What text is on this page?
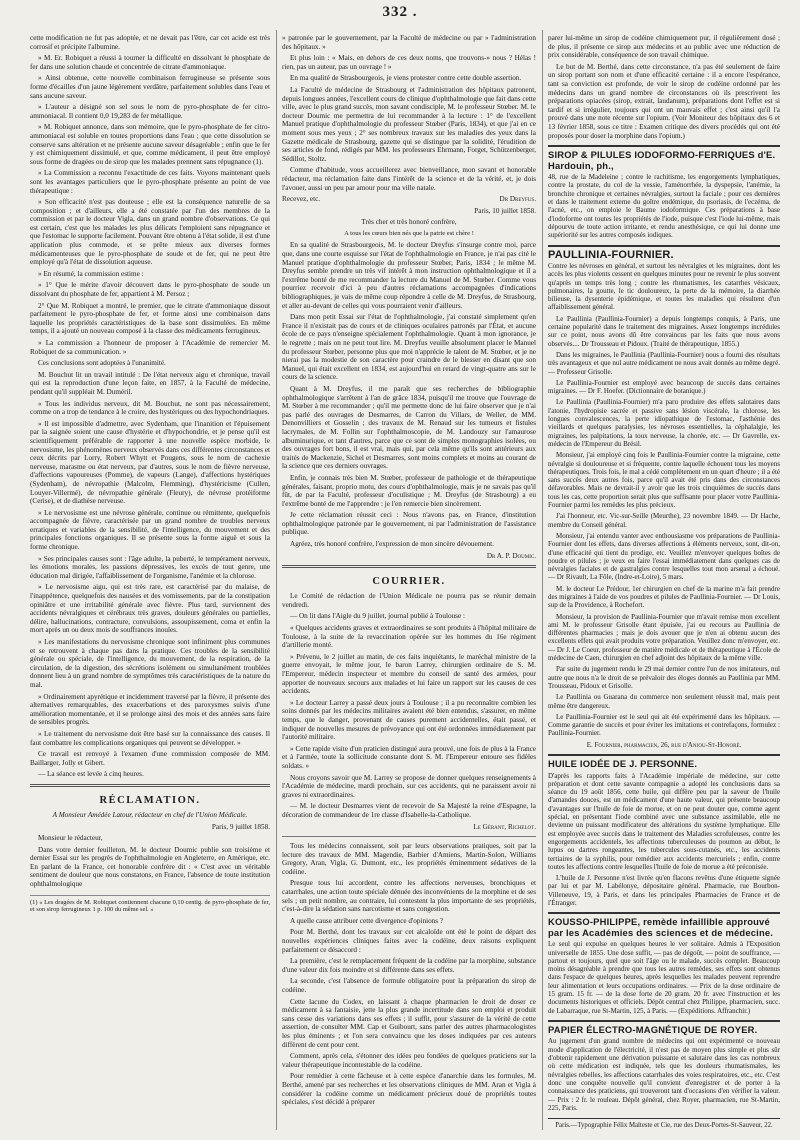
332 .

cette modification ne fut pas adoptée, et ne devait pas l'être, car cet acide est très corrosif et précipite l'albumine.

» M. Er. Robiquet a réussi à tourner la difficulté en dissolvant le phosphate de fer dans une solution chaude et concentrée de citrate d'ammoniaque.

» Ainsi obtenue, cette nouvelle combinaison ferrugineuse se présente sous forme d'écailles d'un jaune légèrement verdâtre, parfaitement solubles dans l'eau et sans aucune saveur.

» L'auteur a désigné son sel sous le nom de pyro-phosphate de fer citro-ammoniacal. Il contient 0,0 19,283 de fer métallique.

» M. Robiquet annonce, dans son mémoire, que le pyro-phosphate de fer citro-ammoniacal est soluble en toutes proportions dans l'eau ; que cette dissolution se conserve sans altération et ne présente aucune saveur désagréable ; enfin que le fer y est chimiquement dissimulé, et que, comme médicament, il peut être employé sous forme de dragées ou de sirop que les malades prennent sans répugnance (1).

» La Commission a reconnu l'exactitude de ces faits. Voyons maintenant quels sont les avantages particuliers que le pyro-phosphate présente au point de vue thérapeutique :

» Son efficacité n'est pas douteuse ; elle est la conséquence naturelle de sa composition ; et d'ailleurs, elle a été constatée par l'un des membres de la commission et par le docteur Vigla, dans un grand nombre d'observations. Ce qui est certain, c'est que les malades les plus délicats l'emploient sans répugnance et que l'estomac le supporte facilement. Pouvant être obtenu à l'état solide, il est d'une application plus commode, et se prête mieux aux diverses formes médicamenteuses que le pyro-phosphate de soude et de fer, qui ne peut être employé qu'à l'état de dissolution aqueuse.

» En résumé, la commission estime :

» 1° Que le mérite d'avoir découvert dans le pyro-phosphate de soude un dissolvant du phosphate de fer, appartient à M. Persoz ;

2° Que M. Robiquet a montré, le premier, que le citrate d'ammoniaque dissout parfaitement le pyro-phosphate de fer, et forme ainsi une combinaison dans laquelle les propriétés caractéristiques de la base sont dissimulées. En même temps, il a ajouté un nouveau composé à la classe des médicaments ferrugineux.

» La commission a l'honneur de proposer à l'Académie de remercier M. Robiquet de sa communication. »

Ces conclusions sont adoptées à l'unanimité.

M. Bouchut lit un travail intitulé : De l'état nerveux aigu et chronique, travail qui est la reproduction d'une leçon faite, en 1857, à la Faculté de médecine, pendant qu'il suppléait M. Duméril.

« Tous les individus nerveux, dit M. Bouchut, ne sont pas nécessairement, comme on a trop de tendance à le croire, des hystériques ou des hypochondriaques.

» Il est impossible d'admettre, avec Sydenham, que l'inanition et l'épuisement par la saignée soient une cause d'hystérie et d'hypochondrie, et je pense qu'il est scientifiquement préférable de rapporter à une nouvelle espèce morbide, le nervosisme, les phénomènes nerveux observés dans ces différentes circonstances et ceux décrits par Lorry, Robert Whytt et Pougens, sous le nom de cachexie nerveuse, marasme ou état nerveux, par d'autres, sous le nom de fièvre nerveuse, d'affections vapoureuses (Pomme), de vapeurs (Lange), d'affections hystériques (Sydenham), de névropathie (Malcolm, Flemming), d'hystéricisme (Cullen, Louyer-Villermé), de névropathie générale (Fleury), de névrose protéiforme (Cerise), et de diathèse nerveuse.

» Le nervosisme est une névrose générale, continue ou rémittente, quelquefois accompagnée de fièvre, caractérisée par un grand nombre de troubles nerveux erratiques et variables de la sensibilité, de l'intelligence, du mouvement et des principales fonctions organiques. Il se présente sous la forme aiguë et sous la forme chronique.

» Ses principales causes sont : l'âge adulte, la puberté, le tempérament nerveux, les émotions morales, les passions dépressives, les excès de tout genre, une éducation mal dirigée, l'affaiblissement de l'organisme, l'anémie et la chlorose.

» Le nervosisme aigu, qui est très rare, est caractérisé par du malaise, de l'inappétence, quelquefois des nausées et des vomissements, par de la constipation opiniâtre et une irritabilité générale avec fièvre. Plus tard, surviennent des accidents névralgiques et cérébraux très graves, douleurs générales ou partielles, délire, hallucinations, contracture, convulsions, assoupissement, coma et enfin la mort après un ou deux mois de souffrances inouïes.

» Les manifestations du nervosisme chronique sont infiniment plus communes et se retrouvent à chaque pas dans la pratique. Ces troubles de la sensibilité générale ou spéciale, de l'intelligence, du mouvement, de la respiration, de la circulation, de la digestion, des sécrétions isolément ou simultanément troublées donnent lieu à un grand nombre de symptômes très caractéristiques de la nature du mal.

» Ordinairement apyrétique et incidemment traversé par la fièvre, il présente des alternatives remarquables, des exacerbations et des paroxysmes suivis d'une amélioration momentanée, et il se prolonge ainsi des mois et des années sans faire de sensibles progrès.

» Le traitement du nervosisme doit être basé sur la connaissance des causes. Il faut combattre les complications organiques qui peuvent se développer. »

Ce travail est renvoyé à l'examen d'une commission composée de MM. Baillarger, Jolly et Gibert.

— La séance est levée à cinq heures.

RÉCLAMATION.

A Monsieur Amédée Latour, rédacteur en chef de l'Union Médicale.

Paris, 9 juillet 1858.

Monsieur le rédacteur,

Dans votre dernier feuilleton, M. le docteur Doumic publie son troisième et dernier Essai sur les progrès de l'ophthalmologie en Angleterre, en Amérique, etc. En parlant de la France, cet honorable confrère dit : « C'est avec un véritable sentiment de douleur que nous constatons, en France, l'absence de toute institution ophthalmologique

(1) « Les dragées de M. Robiquet contiennent chacune 0,10 centig. de pyro-phosphate de fer, et son sirop ferrugineux 1 p. 100 du même sel. »

» patronée par le gouvernement, par la Faculté de médecine ou par » l'administration des hôpitaux. »

Et plus loin : « Mais, en dehors de ces deux noms, que trouvons-» nous ? Hélas ! rien, pas un auteur, pas un ouvrage ! »

En ma qualité de Strasbourgeois, je viens protester contre cette double assertion.

La Faculté de médecine de Strasbourg et l'administration des hôpitaux patronent, depuis longues années, l'excellent cours de clinique d'ophthalmologie que fait dans cette ville, avec le plus grand succès, mon savant condisciple, M. le professeur Stœber. M. le docteur Doumic me permettra de lui recommander à la lecture : 1° de l'excellent Manuel pratique d'ophthalmologie du professeur Stœber (Paris, 1834), et que j'ai en ce moment sous mes yeux ; 2° ses nombreux travaux sur les maladies des yeux dans la Gazette médicale de Strasbourg, gazette qui se distingue par la solidité, l'érudition de ses articles de fond, rédigés par MM. les professeurs Ehrmann, Forget, Schützenberger, Sédillot, Stoltz.

Comme d'habitude, vous accueillerez avec bienveillance, mon savant et honorable rédacteur, ma réclamation faite dans l'intérêt de la science et de la vérité, et, je dois l'avouer, aussi un peu par amour pour ma ville natale.

Recevez, etc.	Dr Dreyfus.

Paris, 10 juillet 1858.

Très cher et très honoré confrère,

A tous les cœurs bien nés que la patrie est chère !

En sa qualité de Strasbourgeois, M. le docteur Dreyfus s'insurge contre moi, parce que, dans une courte esquisse sur l'état de l'ophthalmologie en France, je n'ai pas cité le Manuel pratique d'ophthalmologie du professeur Stœber, Paris, 1834 ; le même M. Dreyfus semble prendre un très vif intérêt à mon instruction ophthalmologique et il a l'extrême bonté de me recommander la lecture du Manuel de M. Stœber. Comme vous pourriez recevoir d'ici à peu d'autres réclamations accompagnées d'indications bibliographiques, je vais de même coup répondre à celle de M. Dreyfus, de Strasbourg, et aller au-devant de celles qui vous pourraient venir d'ailleurs.

Dans mon petit Essai sur l'état de l'ophthalmologie, j'ai constaté simplement qu'en France il n'existait pas de cours et de cliniques oculaires patronés par l'État, et aucune école de ce pays n'enseigne spécialement l'ophthalmologie. Quant à mon ignorance, je le regrette ; mais on ne peut tout lire. M. Dreyfus veuille absolument placer le Manuel du professeur Stœber, personne plus que moi n'apprécie le talent de M. Stœber, et je ne nierai pas la modestie de son caractère pour craindre de le blesser en disant que son Manuel, qui était excellent en 1834, est aujourd'hui en retard de vingt-quatre ans sur le cours de la science.

Quant à M. Dreyfus, il me paraît que ses recherches de bibliographie ophthalmologique s'arrêtent à l'an de grâce 1834, puisqu'il me trouve que l'ouvrage de M. Stœber à me recommander ; qu'il me permette donc de lui faire observer que je n'ai pas parlé des ouvrages de Desmarres, de Carron du Villars, de Weller, de MM. Denonvilliers et Gosselin ; des travaux de M. Renaud sur les tumeurs et fistules lacrymales, de M. Follin sur l'ophthalmoscopie, de M. Landouzy sur l'amaurose albuminurique, et tant d'autres, parce que ce sont de simples monographies isolées, ou des ouvrages fort bons, il est vrai, mais qui, par cela même qu'ils sont antérieurs aux traités de Mackenzie, Sichel et Desmarres, sont moins complets et moins au courant de la science que ces derniers ouvrages.

Enfin, je connais très bien M. Stœber, professeur de pathologie et de thérapeutique générales, faisant, proprio motu, des cours d'ophthalmologie, mais je ne savais pas qu'il fût, de par la Faculté, professeur d'oculistique ; M. Dreyfus (de Strasbourg) a eu l'extrême bonté de me l'apprendre : je l'en remercie bien sincèrement.

Je cette réclamation réussit ceci : Nous n'avons pas, en France, d'institution ophthalmologique patronée par le gouvernement, ni par l'administration de l'assistance publique.

Agréez, très honoré confrère, l'expression de mon sincère dévouement.

Dr A. P. Doumic.

COURRIER.

Le Comité de rédaction de l'Union Médicale ne pourra pas se réunir demain vendredi.

— On lit dans l'Aigle du 9 juillet, journal publié à Toulouse :

« Quelques accidents graves et extraordinaires se sont produits à l'hôpital militaire de Toulouse, à la suite de la revaccination opérée sur les hommes du 16e régiment d'artillerie monté.

» Prévenu, le 2 juillet au matin, de ces faits inquiétants, le maréchal ministre de la guerre envoyait, le même jour, le baron Larrey, chirurgien ordinaire de S. M. l'Empereur, médecin inspecteur et membre du conseil de santé des armées, pour apporter de nouveaux secours aux malades et lui faire un rapport sur les causes de ces accidents.

» Le docteur Larrey a passé deux jours à Toulouse ; il a pu reconnaître combien les soins donnés par les médecins militaires avaient été bien entendus, s'assurer, en même temps, que le danger, provenant de causes purement accidentelles, était passé, et indiquer de nouvelles mesures de prévoyance qui ont été ordonnées immédiatement par l'autorité militaire.

» Cette rapide visite d'un praticien distingué aura prouvé, une fois de plus à la France et à l'armée, toute la sollicitude constante dont S. M. l'Empereur entoure ses fidèles soldats. »

Nous croyons savoir que M. Larrey se propose de donner quelques renseignements à l'Académie de médecine, mardi prochain, sur ces accidents, qui ne paraissent avoir ni graves ni extraordinaires.

— M. le docteur Desmarres vient de recevoir de Sa Majesté la reine d'Espagne, la décoration de commandeur de 1re classe d'Isabelle-la-Catholique.

Le Gérant, Richelot.

Tous les médecins connaissent, soit par leurs observations pratiques, soit par la lecture des travaux de MM. Magendie, Barbier d'Amiens, Martin-Solon, Williams Gregory, Aran, Vigla, G. Dumont, etc., les propriétés éminemment sédatives de la codéine.

Presque tous lui accordent, contre les affections nerveuses, bronchiques et catarrhales, une action toute spéciale dénuée des inconvénients de la morphine et de ses sels ; un petit nombre, au contraire, lui contestent la plus importante de ses propriétés, c'est-à-dire la sédation sans narcotisme et sans congestion.

A quelle cause attribuer cette divergence d'opinions ?

Pour M. Berthé, dont les travaux sur cet alcaloïde ont été le point de départ des nouvelles expériences cliniques faites avec la codéine, deux raisons expliquent parfaitement ce désaccord :

La première, c'est le remplacement fréquent de la codéine par la morphine, substance d'une valeur dix fois moindre et si différente dans ses effets.

La seconde, c'est l'absence de formule obligatoire pour la préparation du sirop de codéine.

Cette lacune du Codex, en laissant à chaque pharmacien le droit de doser ce médicament à sa fantaisie, jette la plus grande incertitude dans son emploi et produit sans cesse des variations dans ses effets ; il suffit, pour s'assurer de la vérité de cette assertion, de consulter MM. Cap et Guibourt, sans parler des autres pharmacologistes les plus éminents ; et l'on sera convaincu que les doses indiquées par ces auteurs diffèrent de cent pour cent.

Comment, après cela, s'étonner des idées peu fondées de quelques praticiens sur la valeur thérapeutique incontestable de la codéine.

Pour remédier à cette fâcheuse et à cette espèce d'anarchie dans les formules, M. Berthé, amené par ses recherches et les observations cliniques de MM. Aran et Vigla à considérer la codéine comme un médicament précieux doué de propriétés toutes spéciales, s'est décidé à préparer

parer lui-même un sirop de codéine chimiquement pur, il régulièrement dosé ; de plus, il présente ce sirop aux médecins et au public avec une réduction de prix considérable, conséquence de son travail chimique.

Le but de M. Berthé, dans cette circonstance, n'a pas été seulement de faire un sirop portant son nom et d'une efficacité certaine : il a encore l'espérance, tant sa conviction est profonde, de voir le sirop de codéine ordonné par les médecins dans un grand nombre de circonstances où ils prescrivent les préparations opiacées (sirop, extrait, laudanum), préparations dont l'effet est si tardif et si irrégulier, toujours qui ont un mauvais effet ; c'est ainsi qu'il l'a prouvé dans une note récente sur l'opium. (Voir Moniteur des hôpitaux des 6 et 13 février 1858, sous ce titre : Examen critique des divers procédés qui ont été proposés pour doser la morphine dans l'opium.)

SIROP & PILULES IODOFORMO-FERRIQUES d'E. Hardouin, ph.,

48, rue de la Madeleine ; contre le rachitisme, les engorgements lymphatiques, contre la prostate, du col de la vessie, l'aménorrhée, la dyspepsie, l'anémie, la bronchite chronique et certaines névralgies, surtout la faciale ; pour ces dernières et dans le traitement externe du goître endémique, du psoriasis, de l'eczéma, de l'acné, etc., on emploie le Baume iodoformique. Ces préparations à base d'iodoforme ont toutes les propriétés de l'iode, puisque c'est l'iode lui-même, mais dépourvu de toute action irritante, et rendu anesthésique, ce qui lui donne une supériorité sur les autres composés iodiques.

PAULLINIA-FOURNIER.

Contre les névroses en général, et surtout les névralgies et les migraines, dont les accès les plus violents cessent en quelques minutes pour ne revenir le plus souvent qu'après un temps très long ; contre les rhumatismes, les catarrhes vésicaux, pulmonaires, la goutte, le tic douloureux, la perte de la mémoire, la diarrhée bilieuse, la dysenterie épidémique, et toutes les maladies qui résultent d'un affaiblissement général.

Le Paullinia (Paullinia-Fournier) a depuis longtemps conquis, à Paris, une certaine popularité dans le traitement des migraines. Assez longtemps incrédules sur ce point, nous avons dû être convaincus par les faits que nous avons observés.... Dr Trousseau et Pidoux. (Traité de thérapeutique, 1855.)

Dans les migraines, le Paullinia (Paullinia-Fournier) nous a fourni des résultats très avantageux et que nul autre médicament ne nous avait donnés au même degré. — Professeur Grisolle.

Le Paullinia-Fournier est employé avec beaucoup de succès dans certaines migraines. — Dr F. Hoefer. (Dictionnaire de botanique.)

Le Paullinia (Paullinia-Fournier) m'a paru produire des effets salutaires dans l'atonie, l'hydropisie sacrée et passive sans lésion viscérale, la chlorose, les longues convalescences, la perte idiopathique de l'estomac, l'asthénie des vieillards et quelques paralysies, les névroses essentielles, la céphalalgie, les migraines, les palpitations, la toux nerveuse, la chorée, etc. — Dr Gavrelle, ex-médecin de l'Empereur du Brésil.

Monsieur, j'ai employé cinq fois le Paullinia-Fournier contre la migraine, cette névralgie si douloureuse et si fréquente, contre laquelle échouent tous les moyens thérapeutiques. Trois fois, le mal a cédé complètement en un quart d'heure ; il a été sans succès deux autres fois, parce qu'il avait été pris dans des circonstances défavorables. Mais ne devrait-il y avoir que les trois cinquièmes de succès dans tous les cas, cette proportion serait plus que suffisante pour placer votre Paullinia-Fournier parmi les remèdes les plus précieux.

J'ai l'honneur, etc. Vic-sur-Seille (Meurthe), 23 novembre 1849. — Dr Hache, membre du Conseil général.

Monsieur, j'ai entendu vanter avec enthousiasme vos préparations de Paullinia-Fournier dont les effets, dans diverses affections à éléments nerveux, sont, dit-on, d'une efficacité qui tient du prodige, etc. Veuillez m'envoyer quelques boîtes de poudre et pilules ; je veux en faire l'essai immédiatement dans quelques cas de névralgies faciales et de gastralgies contre lesquelles tout mon arsenal a échoué. — Dr Rivault, La Fôle, (Indre-et-Loire), 5 mars.

M. le docteur Le Prédour, 1er chirurgien en chef de la marine m'a fait prendre des migraines à l'aide de vos poudres et pilules de Paullinia-Fournier. — Dr Louis, sup de la Providence, à Rochefort.

Monsieur, la provision de Paullinia-Fournier que m'avait remise mon excellent ami M. le professeur Grisolle étant épuisée, j'ai eu recours au Paullinia de différentes pharmacies ; mais je dois avouer que je n'en ai obtenu aucun des excellents effets qui avait produits votre préparation. Veuillez donc m'envoyer, etc. — Dr J. Le Coeur, professeur de matière médicale et de thérapeutique à l'École de médecine de Caen, chirurgien en chef adjoint des hôpitaux de la même ville.

Par suite du jugement rendu le 29 mai dernier contre l'un de nos imitateurs, nul autre que nous n'a le droit de se prévaloir des éloges donnés au Paullinia par MM. Trousseau, Pidoux et Grisolle.

Le Paullinia ou Guarana du commerce non seulement réussit mal, mais peut même être dangereux.

Le Paullinia-Fournier est le seul qui ait été expérimenté dans les hôpitaux. — Comme garantie de succès et pour éviter les imitations et contrefaçons, formulez : Paullinia-Fournier.

E. Fournier, pharmacien, 26, rue d'Anjou-St-Honoré.

HUILE IODÉE DE J. PERSONNE.

D'après les rapports faits à l'Académie impériale de médecine, sur cette préparation et dont cette savante compagnie a adopté les conclusions dans sa séance du 19 août 1856, cette huile, qui diffère peu par la saveur de l'huile d'amandes douces, est un médicament d'une haute valeur, qui présente beaucoup d'avantages sur l'huile de foie de morue, et on ne peut douter que, comme agent spécial, en présentant l'iode combiné avec une substance assimilable, elle ne devienne un puissant modificateur des altérations du système lymphatique. Elle est employée avec succès dans le traitement des Maladies scrofuleuses, contre les engorgements accidentels, les affections tuberculeuses du poumon au début, le lupus ou dartres rongeantes, les tubercules sous-cutanés, etc., les accidents tertiaires de la syphilis, pour remédier aux accidents mercuriels ; enfin, contre toutes les affections contre lesquelles l'huile de foie de morue a été préconisée.

L'huile de J. Personne n'est livrée qu'en flacons revêtus d'une étiquette signée par lui et par M. Labélonye, dépositaire général. Pharmacie, rue Bourbon-Villeneuve, 19, à Paris, et dans les principales Pharmacies de France et de l'Étranger.

KOUSSO-PHILIPPE, remède infaillible approuvé par les Académies des sciences et de médecine.

Le seul qui expulse en quelques heures le ver solitaire. Admis à l'Exposition universelle de 1855. Une dose suffit, — pas de dégoût, — point de souffrance, — partout et toujours, quel que soit l'âge ou le malade, succès complet. Beaucoup moins désagréable à prendre que tous les autres remèdes, ses effets sont obtenus dans l'espace de quelques heures, après lesquelles les malades peuvent reprendre leur alimentation et leurs occupations ordinaires. — Prix de la dose ordinaire de 15 gram. 15 fr. — de la dose forte de 20 gram. 20 fr. avec l'instruction et les documents historiques et officiels. Dépôt central chez Philippe, pharmacien, succ. de Labarraque, rue St-Martin, 125, à Paris. — (Expéditions. Affranchir.)

PAPIER ÉLECTRO-MAGNÉTIQUE DE ROYER.

Au jugement d'un grand nombre de médecins qui ont expérimenté ce nouveau mode d'application de l'électricité, il n'est pas de moyen plus simple et plus sûr d'obtenir rapidement une dérivation puissante et salutaire dans les cas nombreux où cette médication est indiquée, tels que les douleurs rhumatismales, les névralgies rebelles, les affections catarrhales des voies respiratoires, etc., etc. C'est donc une conquête nouvelle qu'il convient d'enregistrer et de porter à la connaissance des praticiens, qui trouveront tant d'occasions d'en vérifier la valeur. — Prix : 2 fr. le rouleau. Dépôt général, chez Royer, pharmacien, rue St-Martin, 225, Paris.

Paris.—Typographie Félix Malteste et Cie, rue des Deux-Portes-St-Sauveur, 22.
